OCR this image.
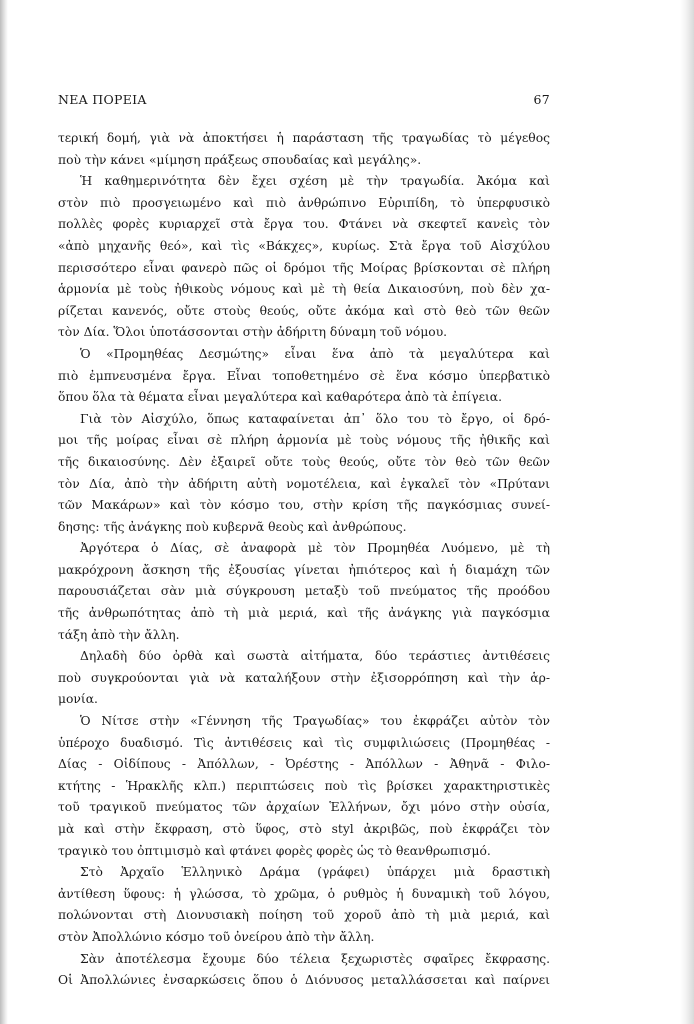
ΝΕΑ ΠΟΡΕΙΑ	67
τερική δομή, γιὰ νὰ ἀποκτήσει ἡ παράσταση τῆς τραγωδίας τὸ μέγεθος
ποὺ τὴν κάνει «μίμηση πράξεως σπουδαίας καὶ μεγάλης».
Ἡ καθημερινότητα δὲν ἔχει σχέση μὲ τὴν τραγωδία. Ἀκόμα καὶ
στὸν πιὸ προσγειωμένο καὶ πιὸ ἀνθρώπινο Εὐριπίδη, τὸ ὑπερφυσικὸ
πολλὲς φορὲς κυριαρχεῖ στὰ ἔργα του. Φτάνει νὰ σκεφτεῖ κανεὶς τὸν
«ἀπὸ μηχανῆς θεό», καὶ τὶς «Βάκχες», κυρίως. Στὰ ἔργα τοῦ Αἰσχύλου
περισσότερο εἶναι φανερὸ πῶς οἱ δρόμοι τῆς Μοίρας βρίσκονται σὲ πλήρη
ἁρμονία μὲ τοὺς ἠθικοὺς νόμους καὶ μὲ τὴ θεία Δικαιοσύνη, ποὺ δὲν χα-
ρίζεται κανενός, οὔτε στοὺς θεούς, οὔτε ἀκόμα καὶ στὸ θεὸ τῶν θεῶν
τὸν Δία. Ὅλοι ὑποτάσσονται στὴν ἀδήριτη δύναμη τοῦ νόμου.
Ὁ «Προμηθέας Δεσμώτης» εἶναι ἕνα ἀπὸ τὰ μεγαλύτερα καὶ
πιὸ ἐμπνευσμένα ἔργα. Εἶναι τοποθετημένο σὲ ἕνα κόσμο ὑπερβατικὸ
ὅπου ὅλα τὰ θέματα εἶναι μεγαλύτερα καὶ καθαρότερα ἀπὸ τὰ ἐπίγεια.
Γιὰ τὸν Αἰσχύλο, ὅπως καταφαίνεται ἀπ᾽ ὅλο του τὸ ἔργο, οἱ δρό-
μοι τῆς μοίρας εἶναι σὲ πλήρη ἁρμονία μὲ τοὺς νόμους τῆς ἠθικῆς καὶ
τῆς δικαιοσύνης. Δὲν ἐξαιρεῖ οὔτε τοὺς θεούς, οὔτε τὸν θεὸ τῶν θεῶν
τὸν Δία, ἀπὸ τὴν ἀδήριτη αὐτὴ νομοτέλεια, καὶ ἐγκαλεῖ τὸν «Πρύτανι
τῶν Μακάρων» καὶ τὸν κόσμο του, στὴν κρίση τῆς παγκόσμιας συνεί-
δησης: τῆς ἀνάγκης ποὺ κυβερνᾶ θεοὺς καὶ ἀνθρώπους.
Ἀργότερα ὁ Δίας, σὲ ἀναφορὰ μὲ τὸν Προμηθέα Λυόμενο, μὲ τὴ
μακρόχρονη ἄσκηση τῆς ἐξουσίας γίνεται ἠπιότερος καὶ ἡ διαμάχη τῶν
παρουσιάζεται σὰν μιὰ σύγκρουση μεταξὺ τοῦ πνεύματος τῆς προόδου
τῆς ἀνθρωπότητας ἀπὸ τὴ μιὰ μεριά, καὶ τῆς ἀνάγκης γιὰ παγκόσμια
τάξη ἀπὸ τὴν ἄλλη.
Δηλαδὴ δύο ὀρθὰ καὶ σωστὰ αἰτήματα, δύο τεράστιες ἀντιθέσεις
ποὺ συγκρούονται γιὰ νὰ καταλήξουν στὴν ἐξισορρόπηση καὶ τὴν ἁρ-
μονία.
Ὁ Νίτσε στὴν «Γέννηση τῆς Τραγωδίας» του ἐκφράζει αὐτὸν τὸν
ὑπέροχο δυαδισμό. Τὶς ἀντιθέσεις καὶ τὶς συμφιλιώσεις (Προμηθέας -
Δίας - Οἰδίπους - Ἀπόλλων, - Ὀρέστης - Ἀπόλλων - Ἀθηνᾶ - Φιλο-
κτήτης - Ἡρακλῆς κλπ.) περιπτώσεις ποὺ τὶς βρίσκει χαρακτηριστικὲς
τοῦ τραγικοῦ πνεύματος τῶν ἀρχαίων Ἑλλήνων, ὄχι μόνο στὴν οὐσία,
μὰ καὶ στὴν ἔκφραση, στὸ ὕφος, στὸ styl ἀκριβῶς, ποὺ ἐκφράζει τὸν
τραγικὸ του ὀπτιμισμὸ καὶ φτάνει φορὲς φορὲς ὡς τὸ θεανθρωπισμό.
Στὸ Ἀρχαῖο Ἑλληνικὸ Δράμα (γράφει) ὑπάρχει μιὰ δραστικὴ
ἀντίθεση ὕφους: ἡ γλώσσα, τὸ χρῶμα, ὁ ρυθμὸς ἡ δυναμικὴ τοῦ λόγου,
πολώνονται στὴ Διονυσιακὴ ποίηση τοῦ χοροῦ ἀπὸ τὴ μιὰ μεριά, καὶ
στὸν Ἀπολλώνιο κόσμο τοῦ ὀνείρου ἀπὸ τὴν ἄλλη.
Σὰν ἀποτέλεσμα ἔχουμε δύο τέλεια ξεχωριστὲς σφαῖρες ἔκφρασης.
Οἱ Ἀπολλώνιες ἐνσαρκώσεις ὅπου ὁ Διόνυσος μεταλλάσσεται καὶ παίρνει
